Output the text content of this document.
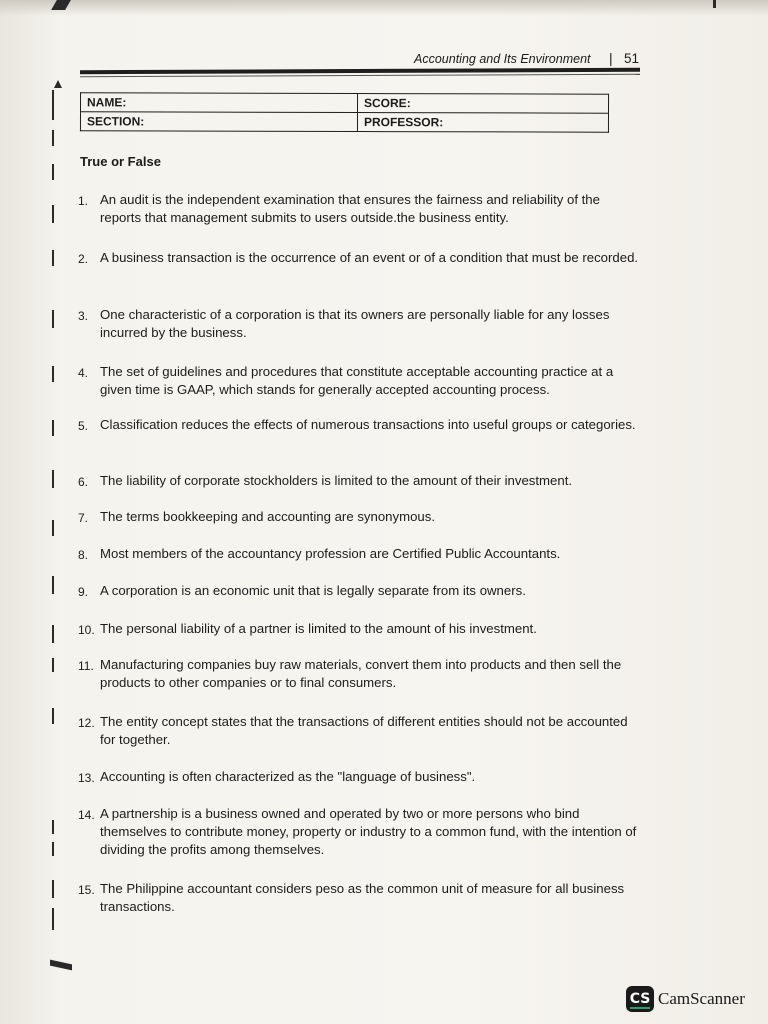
Accounting and Its Environment | 51
NAME:	SCORE:
SECTION:	PROFESSOR:
True or False
1. An audit is the independent examination that ensures the fairness and reliability of the reports that management submits to users outside.the business entity.
2. A business transaction is the occurrence of an event or of a condition that must be recorded.
3. One characteristic of a corporation is that its owners are personally liable for any losses incurred by the business.
4. The set of guidelines and procedures that constitute acceptable accounting practice at a given time is GAAP, which stands for generally accepted accounting process.
5. Classification reduces the effects of numerous transactions into useful groups or categories.
6. The liability of corporate stockholders is limited to the amount of their investment.
7. The terms bookkeeping and accounting are synonymous.
8. Most members of the accountancy profession are Certified Public Accountants.
9. A corporation is an economic unit that is legally separate from its owners.
10. The personal liability of a partner is limited to the amount of his investment.
11. Manufacturing companies buy raw materials, convert them into products and then sell the products to other companies or to final consumers.
12. The entity concept states that the transactions of different entities should not be accounted for together.
13. Accounting is often characterized as the "language of business".
14. A partnership is a business owned and operated by two or more persons who bind themselves to contribute money, property or industry to a common fund, with the intention of dividing the profits among themselves.
15. The Philippine accountant considers peso as the common unit of measure for all business transactions.
CS CamScanner
